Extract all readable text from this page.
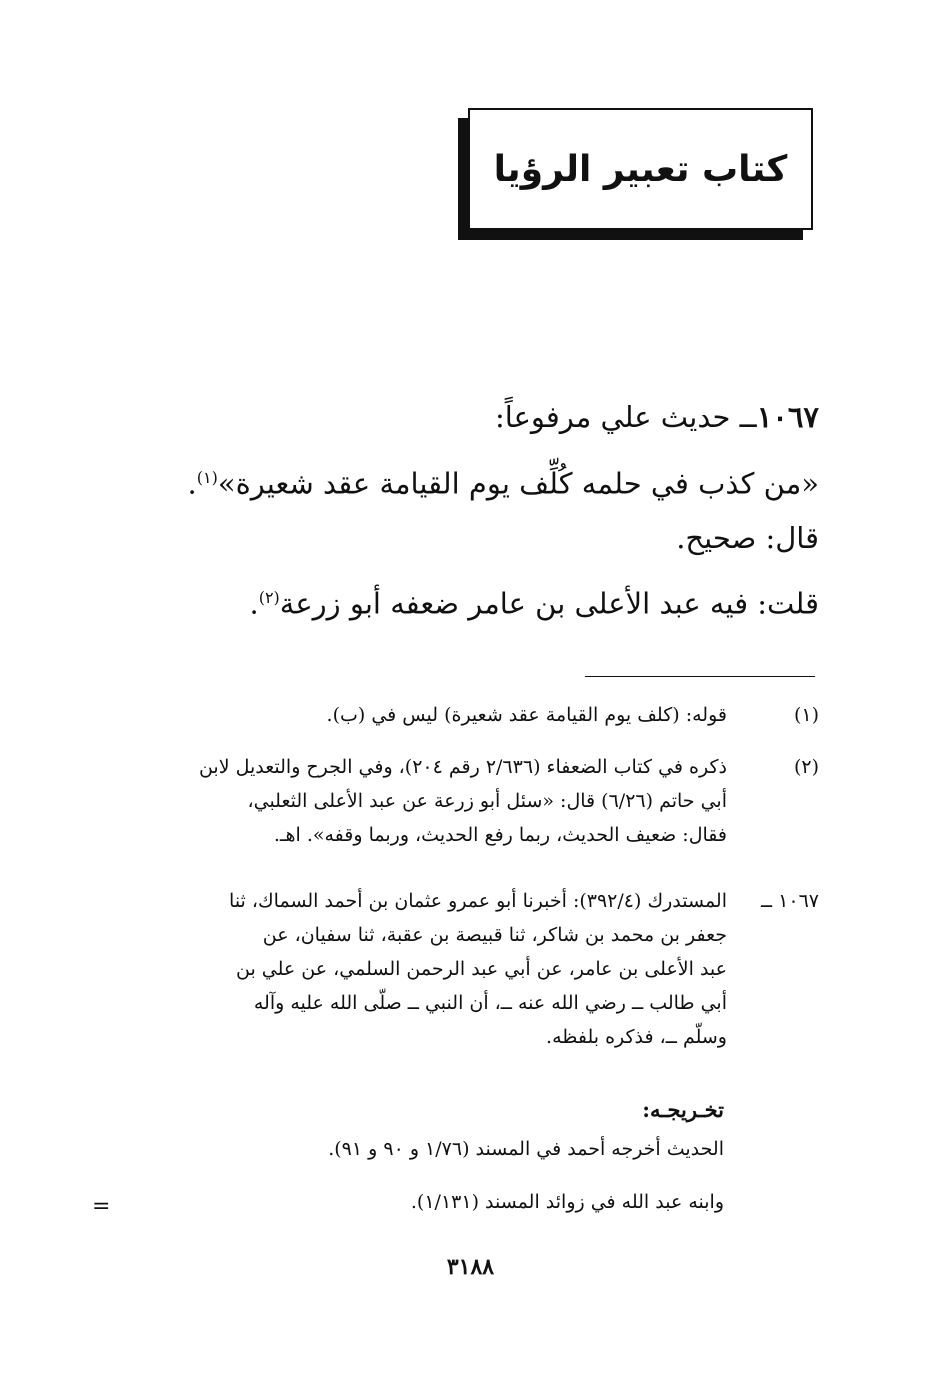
كتاب تعبير الرؤيا

١٠٦٧ــ حديث علي مرفوعاً:

«من كذب في حلمه كُلِّف يوم القيامة عقد شعيرة»$^{(١)}$.

قال: صحيح.

قلت: فيه عبد الأعلى بن عامر ضعفه أبو زرعة$^{(٢)}$.

(١)
قوله: (كلف يوم القيامة عقد شعيرة) ليس في (ب).
(٢)
ذكره في كتاب الضعفاء (٢/٦٣٦ رقم ٢٠٤)، وفي الجرح والتعديل لابن
أبي حاتم (٦/٢٦) قال: «سئل أبو زرعة عن عبد الأعلى الثعلبي،
فقال: ضعيف الحديث، ربما رفع الحديث، وربما وقفه». اهـ.
١٠٦٧ ــ
المستدرك (٣٩٢/٤): أخبرنا أبو عمرو عثمان بن أحمد السماك، ثنا
جعفر بن محمد بن شاكر، ثنا قبيصة بن عقبة، ثنا سفيان، عن
عبد الأعلى بن عامر، عن أبي عبد الرحمن السلمي، عن علي بن
أبي طالب ــ رضي الله عنه ــ، أن النبي ــ صلّى الله عليه وآله
وسلّم ــ، فذكره بلفظه.
تخـريجـه:
الحديث أخرجه أحمد في المسند (١/٧٦ و ٩٠ و ٩١).
وابنه عبد الله في زوائد المسند (١/١٣١).
=
٣١٨٨
